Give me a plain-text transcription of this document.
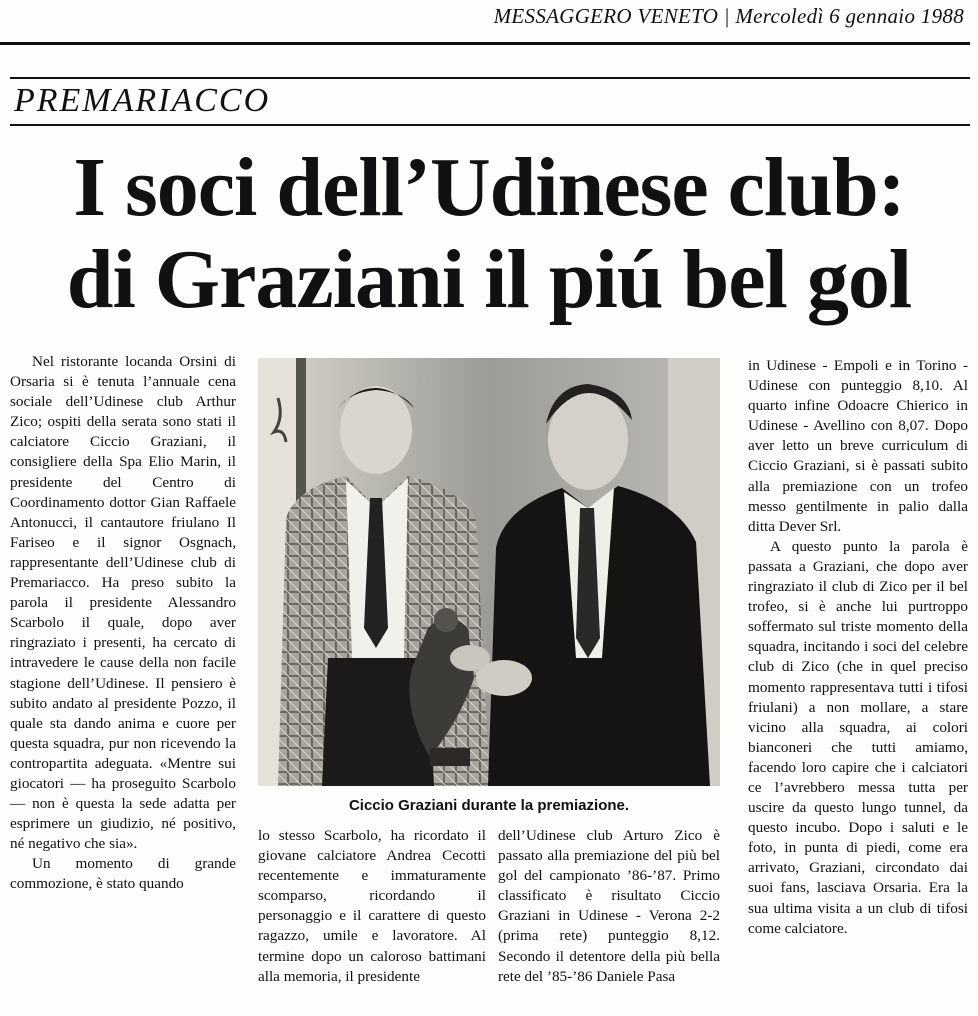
MESSAGGERO VENETO | Mercoledì 6 gennaio 1988
PREMARIACCO
I soci dell’Udinese club:
di Graziani il piú bel gol

Nel ristorante locanda Orsini di Orsaria si è tenuta l’annuale cena sociale dell’Udinese club Arthur Zico; ospiti della serata sono stati il calciatore Ciccio Graziani, il consigliere della Spa Elio Marin, il presidente del Centro di Coordinamento dottor Gian Raffaele Antonucci, il cantautore friulano Il Fariseo e il signor Osgnach, rappresentante dell’Udinese club di Premariacco. Ha preso subito la parola il presidente Alessandro Scarbolo il quale, dopo aver ringraziato i presenti, ha cercato di intravedere le cause della non facile stagione dell’Udinese. Il pensiero è subito andato al presidente Pozzo, il quale sta dando anima e cuore per questa squadra, pur non ricevendo la contropartita adeguata. «Mentre sui giocatori — ha proseguito Scarbolo — non è questa la sede adatta per esprimere un giudizio, né positivo, né negativo che sia».

Un momento di grande commozione, è stato quando

Ciccio Graziani durante la premiazione.

lo stesso Scarbolo, ha ricordato il giovane calciatore Andrea Cecotti recentemente e immaturamente scomparso, ricordando il personaggio e il carattere di questo ragazzo, umile e lavoratore. Al termine dopo un caloroso battimani alla memoria, il presidente

dell’Udinese club Arturo Zico è passato alla premiazione del più bel gol del campionato ’86-’87. Primo classificato è risultato Ciccio Graziani in Udinese - Verona 2-2 (prima rete) punteggio 8,12. Secondo il detentore della più bella rete del ’85-’86 Daniele Pasa

in Udinese - Empoli e in Torino - Udinese con punteggio 8,10. Al quarto infine Odoacre Chierico in Udinese - Avellino con 8,07. Dopo aver letto un breve curriculum di Ciccio Graziani, si è passati subito alla premiazione con un trofeo messo gentilmente in palio dalla ditta Dever Srl.

A questo punto la parola è passata a Graziani, che dopo aver ringraziato il club di Zico per il bel trofeo, si è anche lui purtroppo soffermato sul triste momento della squadra, incitando i soci del celebre club di Zico (che in quel preciso momento rappresentava tutti i tifosi friulani) a non mollare, a stare vicino alla squadra, ai colori bianconeri che tutti amiamo, facendo loro capire che i calciatori ce l’avrebbero messa tutta per uscire da questo lungo tunnel, da questo incubo. Dopo i saluti e le foto, in punta di piedi, come era arrivato, Graziani, circondato dai suoi fans, lasciava Orsaria. Era la sua ultima visita a un club di tifosi come calciatore.
